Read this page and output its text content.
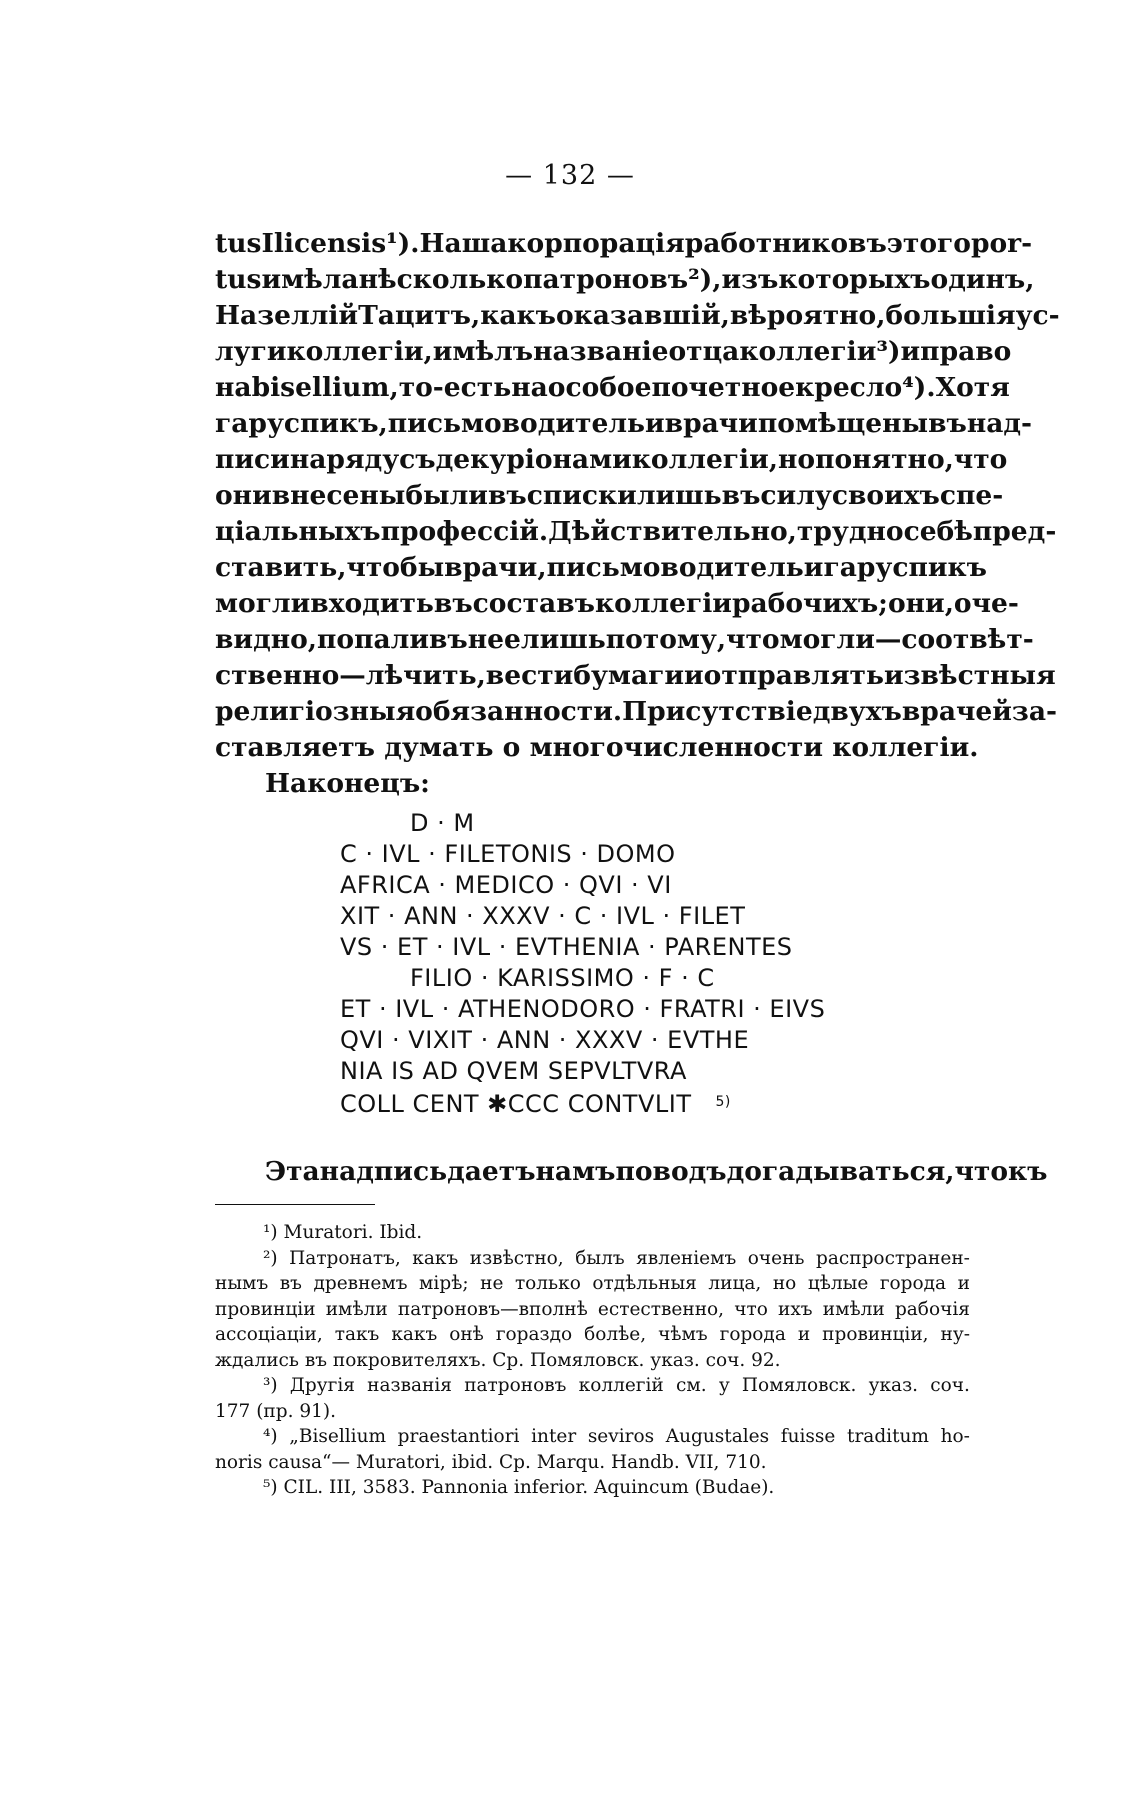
— 132 —
tus Ilicensis ¹). Наша корпорація работниковъ этого por-
tus имѣла нѣсколько патроновъ ²), изъ которыхъ одинъ,
Назеллій Тацитъ, какъ оказавшій, вѣроятно, большія ус-
луги коллегіи, имѣлъ названіе отца коллегіи ³) и право
на bisellium, то-есть на особое почетное кресло ⁴). Хотя
гаруспикъ, письмоводитель и врачи помѣщены въ над-
писи на ряду съ декуріонами коллегіи, но понятно, что
они внесены были въ списки лишь въ силу своихъ спе-
ціальныхъ профессій. Дѣйствительно, трудно себѣ пред-
ставить, чтобы врачи, письмоводитель и гаруспикъ
могли входить въ составъ коллегіи рабочихъ; они, оче-
видно, попали въ нее лишь потому, что могли—соотвѣт-
ственно—лѣчить, вести бумаги и отправлять извѣстныя
религіозныя обязанности. Присутствіе двухъ врачей за-
ставляетъ думать о многочисленности коллегіи.
Наконецъ:
D · M
C · IVL · FILETONIS · DOMO
AFRICA · MEDICO · QVI · VI
XIT · ANN · XXXV · C · IVL · FILET
VS · ET · IVL · EVTHENIA · PARENTES
FILIO · KARISSIMO · F · C
ET · IVL · ATHENODORO · FRATRI · EIVS
QVI · VIXIT · ANN · XXXV · EVTHE
NIA IS AD QVEM SEPVLTVRA
COLL CENT ✱CCC CONTVLIT $^{5)}$
Эта надпись даетъ намъ поводъ догадываться, что къ
¹) Muratori. Ibid.
²) Патронатъ, какъ извѣстно, былъ явленіемъ очень распространен-
нымъ въ древнемъ мірѣ; не только отдѣльныя лица, но цѣлые города и
провинціи имѣли патроновъ—вполнѣ естественно, что ихъ имѣли рабочія
ассоціаціи, такъ какъ онѣ гораздо болѣе, чѣмъ города и провинціи, ну-
ждались въ покровителяхъ. Ср. Помяловск. указ. соч. 92.
³) Другія названія патроновъ коллегій см. у Помяловск. указ. соч.
177 (пр. 91).
⁴) „Bisellium praestantiori inter seviros Augustales fuisse traditum ho-
noris causa“— Muratori, ibid. Cp. Marqu. Handb. VII, 710.
⁵) CIL. III, 3583. Pannonia inferior. Aquincum (Budae).
